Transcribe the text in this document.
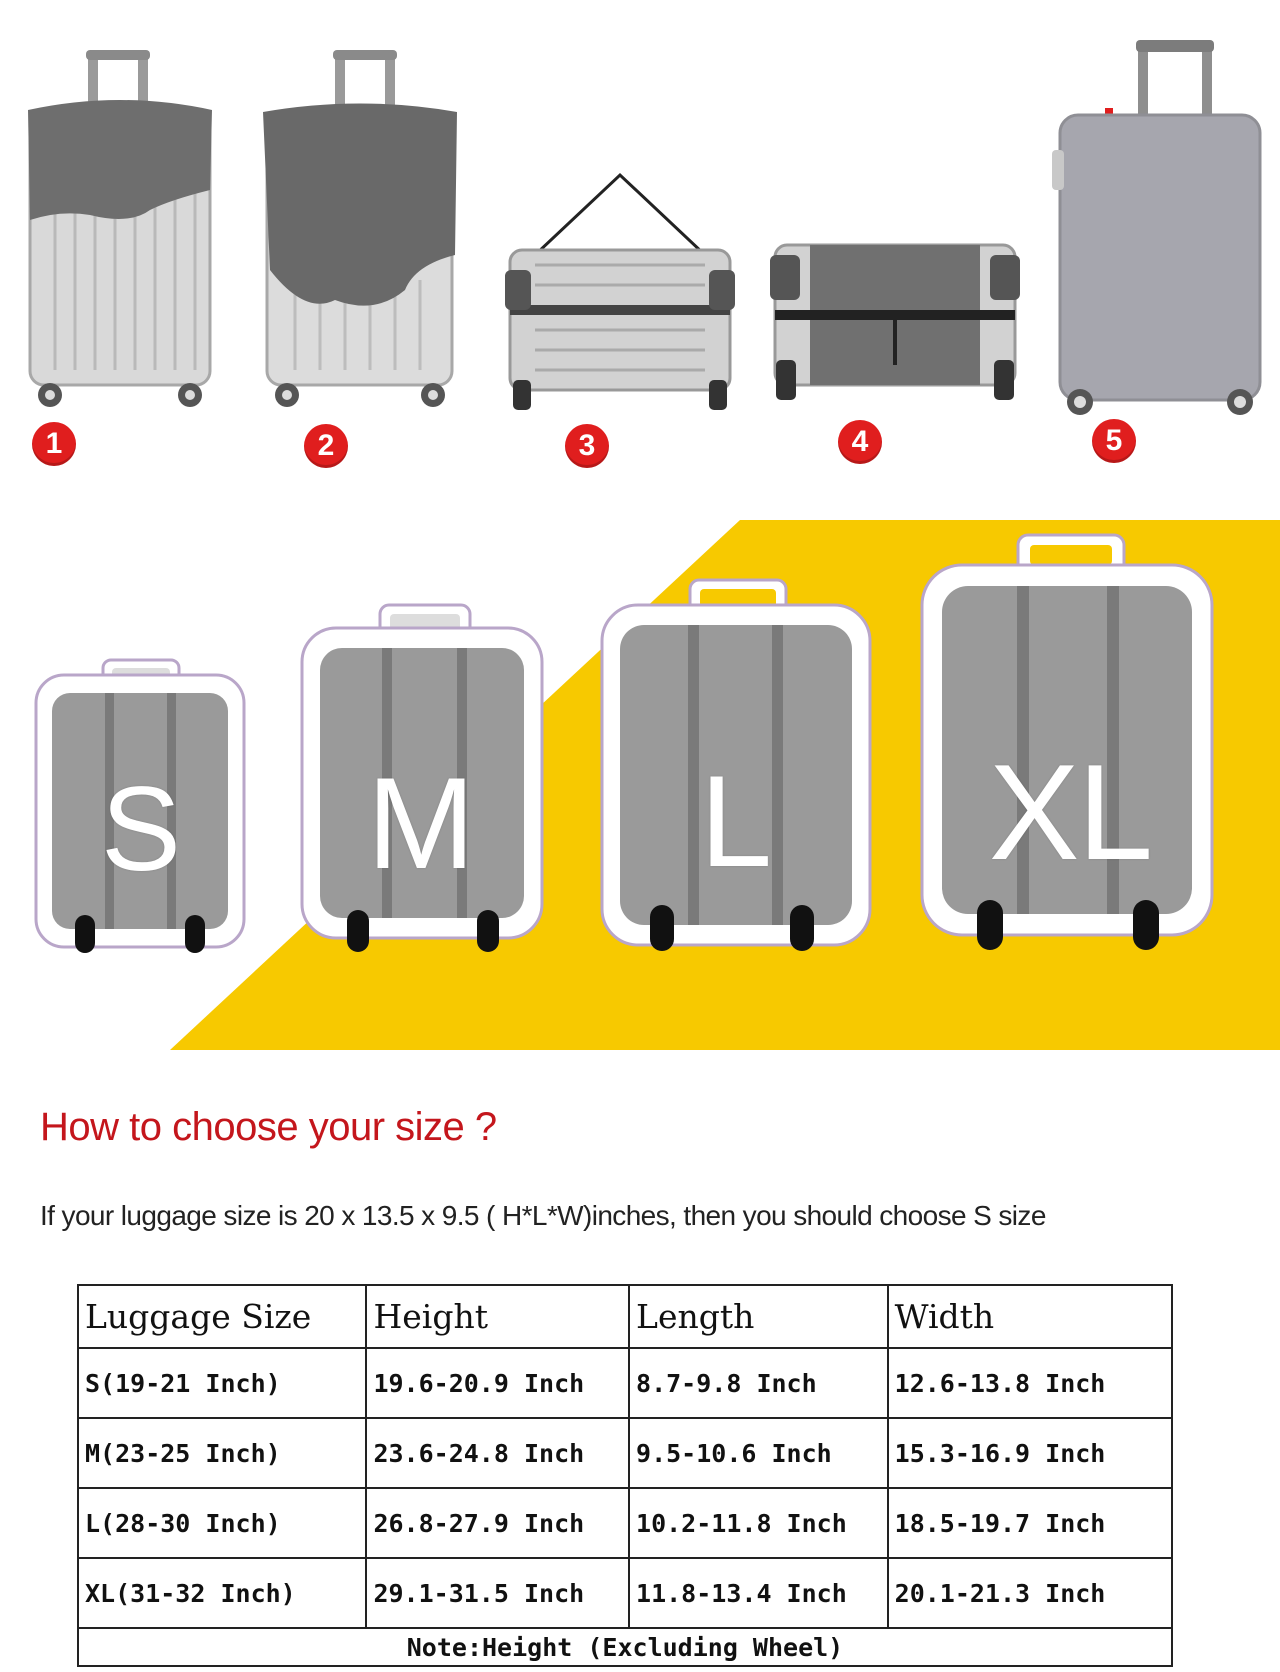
1	2	3	4	5
S M L XL
How to choose your size ?
If your luggage size is 20 x 13.5 x 9.5 ( H*L*W)inches, then you should choose S size
Luggage Size	Height	Length	Width
S(19-21 Inch)	19.6-20.9 Inch	8.7-9.8 Inch	12.6-13.8 Inch
M(23-25 Inch)	23.6-24.8 Inch	9.5-10.6 Inch	15.3-16.9 Inch
L(28-30 Inch)	26.8-27.9 Inch	10.2-11.8 Inch	18.5-19.7 Inch
XL(31-32 Inch)	29.1-31.5 Inch	11.8-13.4 Inch	20.1-21.3 Inch
Note:Height (Excluding Wheel)			
